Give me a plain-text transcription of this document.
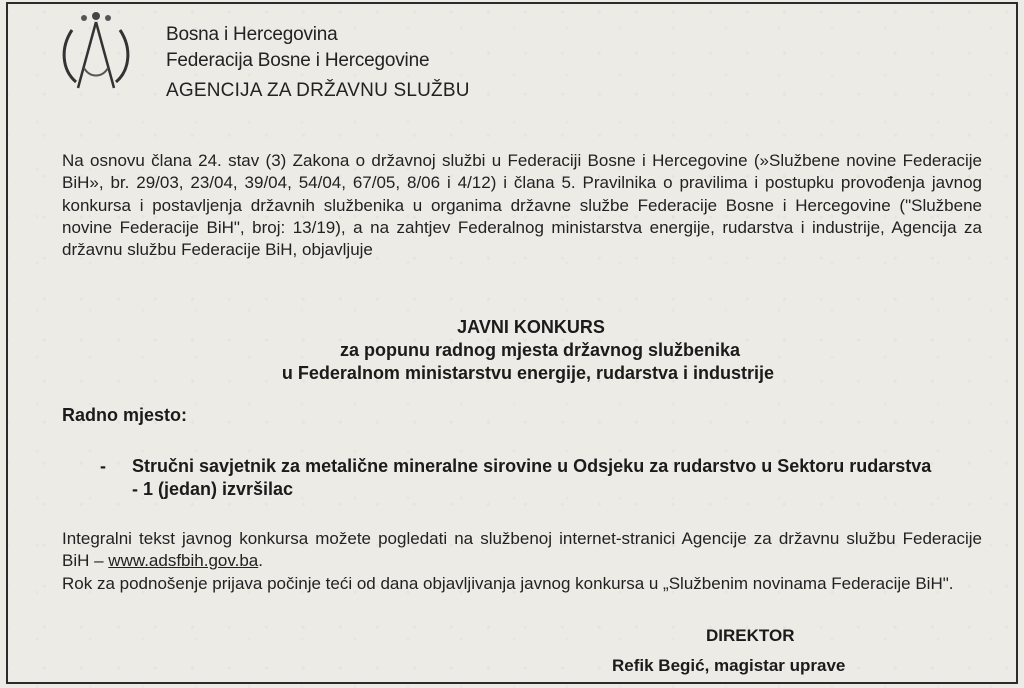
Bosna i Hercegovina
Federacija Bosne i Hercegovine
AGENCIJA ZA DRŽAVNU SLUŽBU
Na osnovu člana 24. stav (3) Zakona o državnoj službi u Federaciji Bosne i Hercegovine (»Službene novine Federacije BiH», br. 29/03, 23/04, 39/04, 54/04, 67/05, 8/06 i 4/12) i člana 5. Pravilnika o pravilima i postupku provođenja javnog konkursa i postavljenja državnih službenika u organima državne službe Federacije Bosne i Hercegovine ("Službene novine Federacije BiH", broj: 13/19), a na zahtjev Federalnog ministarstva energije, rudarstva i industrije, Agencija za državnu službu Federacije BiH, objavljuje
JAVNI KONKURS
za popunu radnog mjesta državnog službenika
u Federalnom ministarstvu energije, rudarstva i industrije
Radno mjesto:
- Stručni savjetnik za metalične mineralne sirovine u Odsjeku za rudarstvo u Sektoru rudarstva - 1 (jedan) izvršilac
Integralni tekst javnog konkursa možete pogledati na službenoj internet-stranici Agencije za državnu službu Federacije BiH – www.adsfbih.gov.ba.
Rok za podnošenje prijava počinje teći od dana objavljivanja javnog konkursa u „Službenim novinama Federacije BiH".
DIREKTOR
Refik Begić, magistar uprave
